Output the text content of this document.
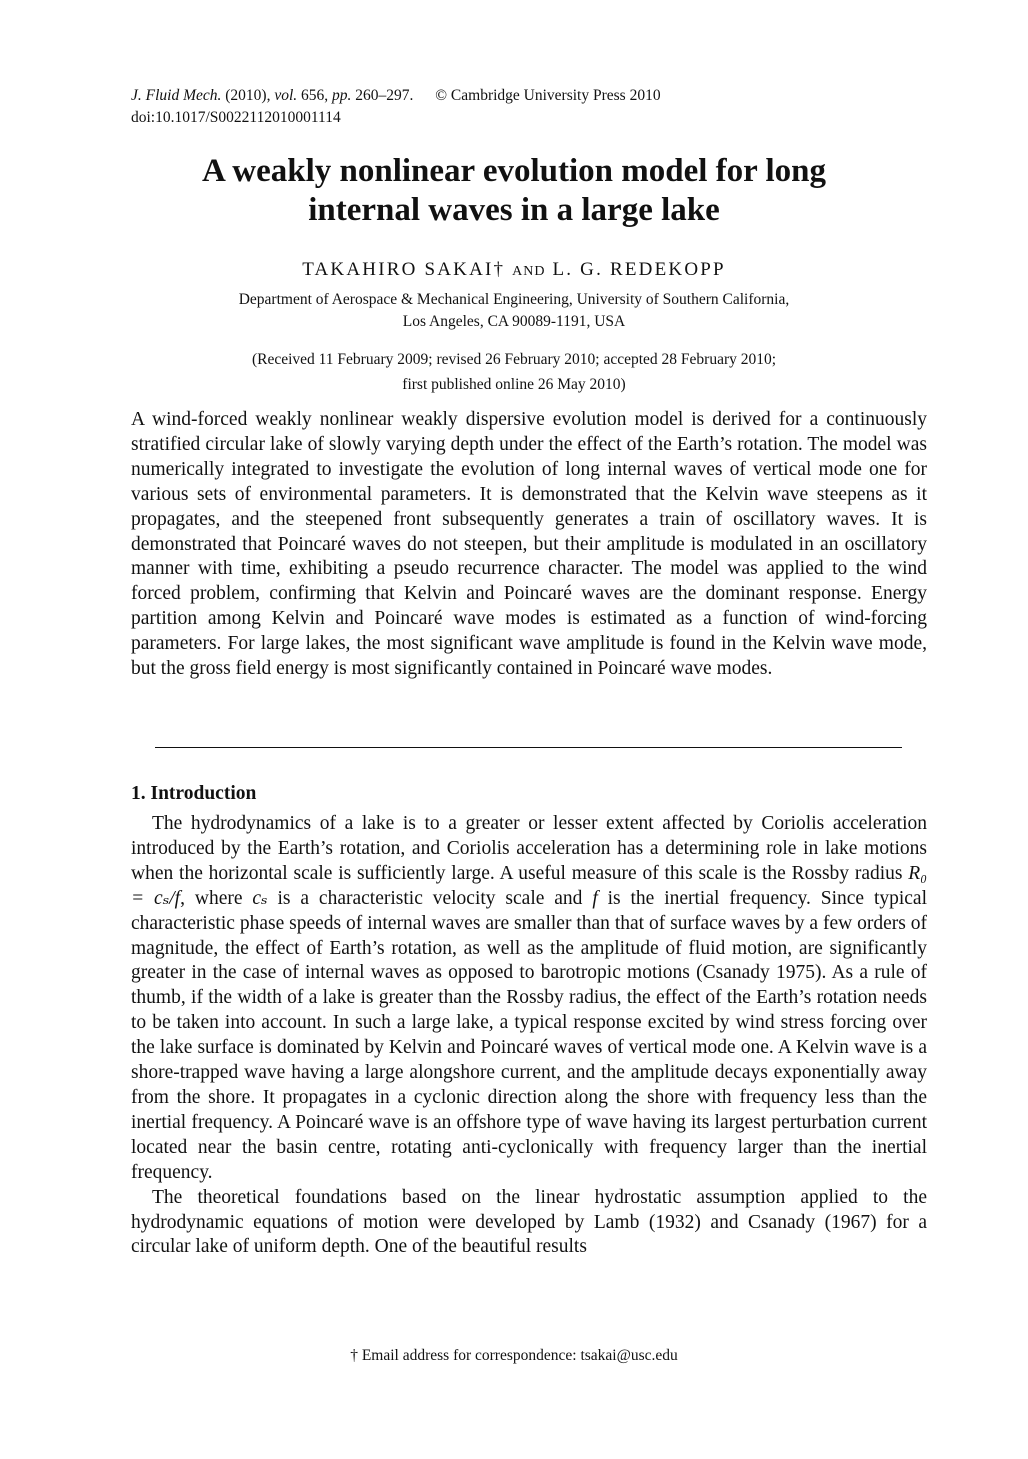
J. Fluid Mech. (2010), vol. 656, pp. 260–297. © Cambridge University Press 2010
doi:10.1017/S0022112010001114
A weakly nonlinear evolution model for long
internal waves in a large lake
TAKAHIRO SAKAI† AND L. G. REDEKOPP
Department of Aerospace & Mechanical Engineering, University of Southern California,
Los Angeles, CA 90089-1191, USA
(Received 11 February 2009; revised 26 February 2010; accepted 28 February 2010;
first published online 26 May 2010)

A wind-forced weakly nonlinear weakly dispersive evolution model is derived for a continuously stratified circular lake of slowly varying depth under the effect of the Earth’s rotation. The model was numerically integrated to investigate the evolution of long internal waves of vertical mode one for various sets of environmental parameters. It is demonstrated that the Kelvin wave steepens as it propagates, and the steepened front subsequently generates a train of oscillatory waves. It is demonstrated that Poincaré waves do not steepen, but their amplitude is modulated in an oscillatory manner with time, exhibiting a pseudo recurrence character. The model was applied to the wind forced problem, confirming that Kelvin and Poincaré waves are the dominant response. Energy partition among Kelvin and Poincaré wave modes is estimated as a function of wind-forcing parameters. For large lakes, the most significant wave amplitude is found in the Kelvin wave mode, but the gross field energy is most significantly contained in Poincaré wave modes.

1. Introduction

The hydrodynamics of a lake is to a greater or lesser extent affected by Coriolis acceleration introduced by the Earth’s rotation, and Coriolis acceleration has a determining role in lake motions when the horizontal scale is sufficiently large. A useful measure of this scale is the Rossby radius R₀ = cₛ/f, where cₛ is a characteristic velocity scale and f is the inertial frequency. Since typical characteristic phase speeds of internal waves are smaller than that of surface waves by a few orders of magnitude, the effect of Earth’s rotation, as well as the amplitude of fluid motion, are significantly greater in the case of internal waves as opposed to barotropic motions (Csanady 1975). As a rule of thumb, if the width of a lake is greater than the Rossby radius, the effect of the Earth’s rotation needs to be taken into account. In such a large lake, a typical response excited by wind stress forcing over the lake surface is dominated by Kelvin and Poincaré waves of vertical mode one. A Kelvin wave is a shore-trapped wave having a large alongshore current, and the amplitude decays exponentially away from the shore. It propagates in a cyclonic direction along the shore with frequency less than the inertial frequency. A Poincaré wave is an offshore type of wave having its largest perturbation current located near the basin centre, rotating anti-cyclonically with frequency larger than the inertial frequency.

The theoretical foundations based on the linear hydrostatic assumption applied to the hydrodynamic equations of motion were developed by Lamb (1932) and Csanady (1967) for a circular lake of uniform depth. One of the beautiful results

† Email address for correspondence: tsakai@usc.edu
